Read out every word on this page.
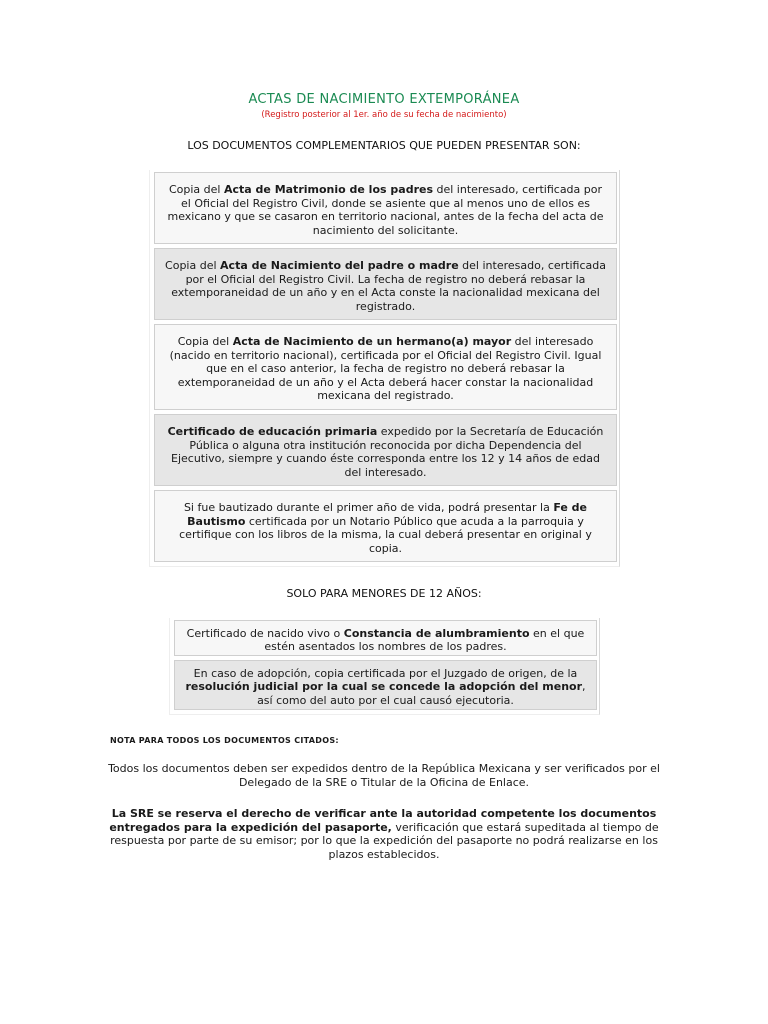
ACTAS DE NACIMIENTO EXTEMPORÁNEA
(Registro posterior al 1er. año de su fecha de nacimiento)
LOS DOCUMENTOS COMPLEMENTARIOS QUE PUEDEN PRESENTAR SON:
Copia del Acta de Matrimonio de los padres del interesado, certificada por el Oficial del Registro Civil, donde se asiente que al menos uno de ellos es mexicano y que se casaron en territorio nacional, antes de la fecha del acta de nacimiento del solicitante.
Copia del Acta de Nacimiento del padre o madre del interesado, certificada por el Oficial del Registro Civil. La fecha de registro no deberá rebasar la extemporaneidad de un año y en el Acta conste la nacionalidad mexicana del registrado.
Copia del Acta de Nacimiento de un hermano(a) mayor del interesado (nacido en territorio nacional), certificada por el Oficial del Registro Civil. Igual que en el caso anterior, la fecha de registro no deberá rebasar la extemporaneidad de un año y el Acta deberá hacer constar la nacionalidad mexicana del registrado.
Certificado de educación primaria expedido por la Secretaría de Educación Pública o alguna otra institución reconocida por dicha Dependencia del Ejecutivo, siempre y cuando éste corresponda entre los 12 y 14 años de edad del interesado.
Si fue bautizado durante el primer año de vida, podrá presentar la Fe de Bautismo certificada por un Notario Público que acuda a la parroquia y certifique con los libros de la misma, la cual deberá presentar en original y copia.
SOLO PARA MENORES DE 12 AÑOS:
Certificado de nacido vivo o Constancia de alumbramiento en el que estén asentados los nombres de los padres.
En caso de adopción, copia certificada por el Juzgado de origen, de la resolución judicial por la cual se concede la adopción del menor, así como del auto por el cual causó ejecutoria.
NOTA PARA TODOS LOS DOCUMENTOS CITADOS:
Todos los documentos deben ser expedidos dentro de la República Mexicana y ser verificados por el Delegado de la SRE o Titular de la Oficina de Enlace.
La SRE se reserva el derecho de verificar ante la autoridad competente los documentos entregados para la expedición del pasaporte, verificación que estará supeditada al tiempo de respuesta por parte de su emisor; por lo que la expedición del pasaporte no podrá realizarse en los plazos establecidos.
